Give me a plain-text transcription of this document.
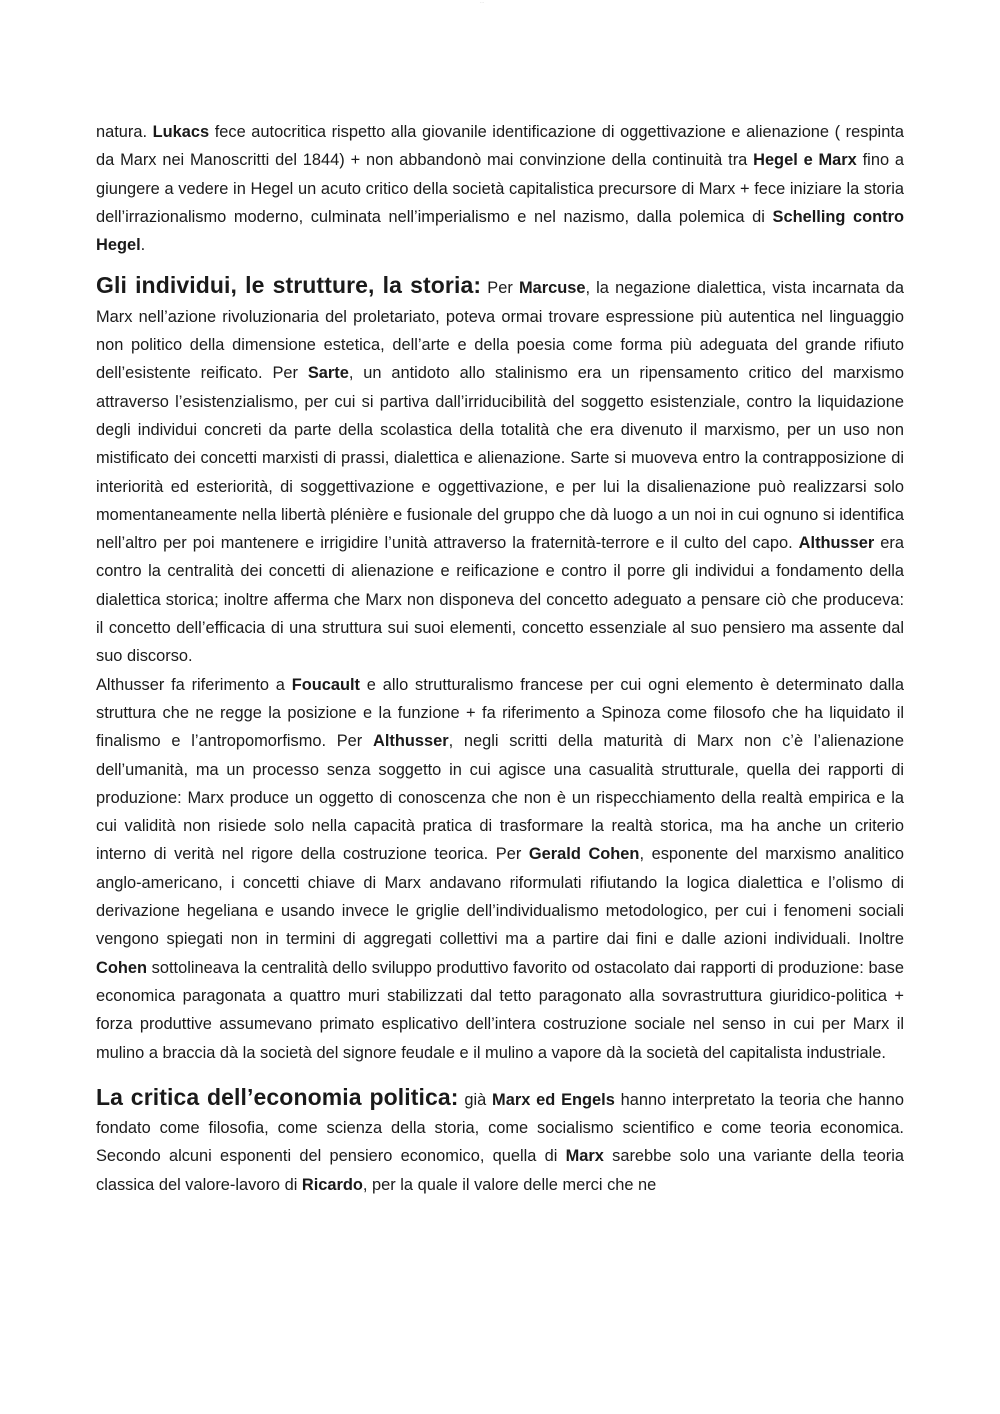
···

natura. Lukacs fece autocritica rispetto alla giovanile identificazione di oggettivazione e alienazione ( respinta da Marx nei Manoscritti del 1844) + non abbandonò mai convinzione della continuità tra Hegel e Marx fino a giungere a vedere in Hegel un acuto critico della società capitalistica precursore di Marx + fece iniziare la storia dell’irrazionalismo moderno, culminata nell’imperialismo e nel nazismo, dalla polemica di Schelling contro Hegel.

Gli individui, le strutture, la storia: Per Marcuse, la negazione dialettica, vista incarnata da Marx nell’azione rivoluzionaria del proletariato, poteva ormai trovare espressione più autentica nel linguaggio non politico della dimensione estetica, dell’arte e della poesia come forma più adeguata del grande rifiuto dell’esistente reificato. Per Sarte, un antidoto allo stalinismo era un ripensamento critico del marxismo attraverso l’esistenzialismo, per cui si partiva dall’irriducibilità del soggetto esistenziale, contro la liquidazione degli individui concreti da parte della scolastica della totalità che era divenuto il marxismo, per un uso non mistificato dei concetti marxisti di prassi, dialettica e alienazione. Sarte si muoveva entro la contrapposizione di interiorità ed esteriorità, di soggettivazione e oggettivazione, e per lui la disalienazione può realizzarsi solo momentaneamente nella libertà plénière e fusionale del gruppo che dà luogo a un noi in cui ognuno si identifica nell’altro per poi mantenere e irrigidire l’unità attraverso la fraternità-terrore e il culto del capo. Althusser era contro la centralità dei concetti di alienazione e reificazione e contro il porre gli individui a fondamento della dialettica storica; inoltre afferma che Marx non disponeva del concetto adeguato a pensare ciò che produceva: il concetto dell’efficacia di una struttura sui suoi elementi, concetto essenziale al suo pensiero ma assente dal suo discorso.

Althusser fa riferimento a Foucault e allo strutturalismo francese per cui ogni elemento è determinato dalla struttura che ne regge la posizione e la funzione + fa riferimento a Spinoza come filosofo che ha liquidato il finalismo e l’antropomorfismo. Per Althusser, negli scritti della maturità di Marx non c’è l’alienazione dell’umanità, ma un processo senza soggetto in cui agisce una casualità strutturale, quella dei rapporti di produzione: Marx produce un oggetto di conoscenza che non è un rispecchiamento della realtà empirica e la cui validità non risiede solo nella capacità pratica di trasformare la realtà storica, ma ha anche un criterio interno di verità nel rigore della costruzione teorica. Per Gerald Cohen, esponente del marxismo analitico anglo-americano, i concetti chiave di Marx andavano riformulati rifiutando la logica dialettica e l’olismo di derivazione hegeliana e usando invece le griglie dell’individualismo metodologico, per cui i fenomeni sociali vengono spiegati non in termini di aggregati collettivi ma a partire dai fini e dalle azioni individuali. Inoltre Cohen sottolineava la centralità dello sviluppo produttivo favorito od ostacolato dai rapporti di produzione: base economica paragonata a quattro muri stabilizzati dal tetto paragonato alla sovrastruttura giuridico-politica + forza produttive assumevano primato esplicativo dell’intera costruzione sociale nel senso in cui per Marx il mulino a braccia dà la società del signore feudale e il mulino a vapore dà la società del capitalista industriale.

La critica dell’economia politica: già Marx ed Engels hanno interpretato la teoria che hanno fondato come filosofia, come scienza della storia, come socialismo scientifico e come teoria economica. Secondo alcuni esponenti del pensiero economico, quella di Marx sarebbe solo una variante della teoria classica del valore-lavoro di Ricardo, per la quale il valore delle merci che ne
